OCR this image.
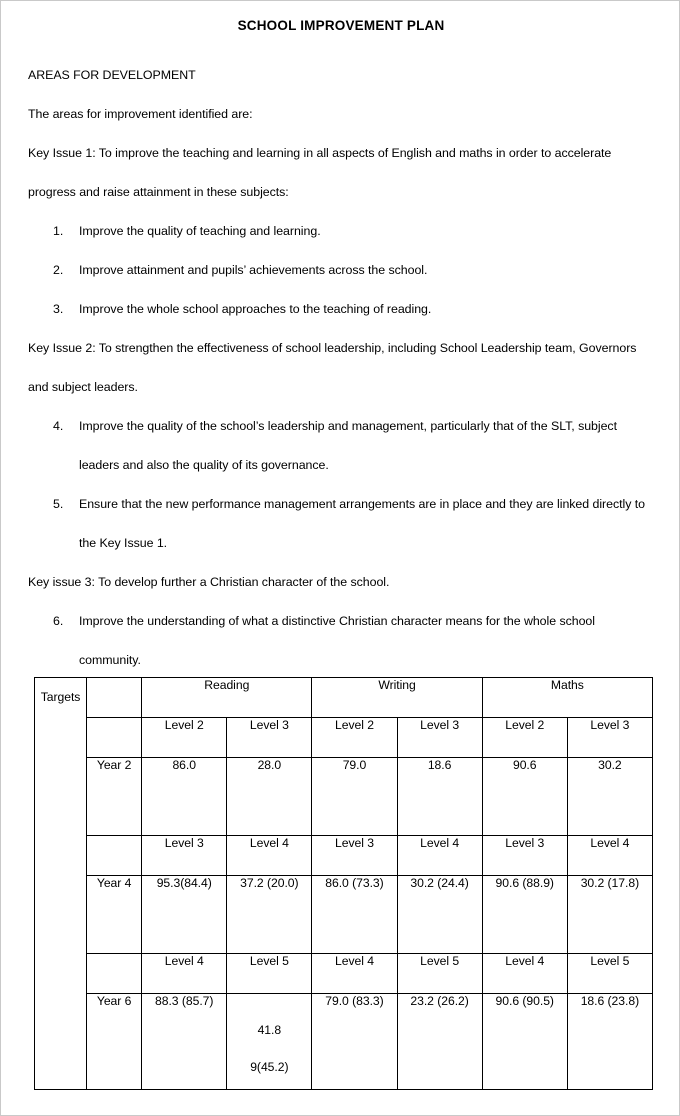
SCHOOL IMPROVEMENT PLAN

AREAS FOR DEVELOPMENT

The areas for improvement identified are:

Key Issue 1: To improve the teaching and learning in all aspects of English and maths in order to accelerate progress and raise attainment in these subjects:

1.	Improve the quality of teaching and learning.
2.	Improve attainment and pupils’ achievements across the school.
3.	Improve the whole school approaches to the teaching of reading.

Key Issue 2: To strengthen the effectiveness of school leadership, including School Leadership team, Governors and subject leaders.

4.	Improve the quality of the school’s leadership and management, particularly that of the SLT, subject leaders and also the quality of its governance.
5.	Ensure that the new performance management arrangements are in place and they are linked directly to the Key Issue 1.

Key issue 3: To develop further a Christian character of the school.

6.	Improve the understanding of what a distinctive Christian character means for the whole school community.
Targets		Reading		Writing		Maths	
		Level 2	Level 3	Level 2	Level 3	Level 2	Level 3
	Year 2	86.0	28.0	79.0	18.6	90.6	30.2
		Level 3	Level 4	Level 3	Level 4	Level 3	Level 4
	Year 4	95.3(84.4)	37.2 (20.0)	86.0 (73.3)	30.2 (24.4)	90.6 (88.9)	30.2 (17.8)
		Level 4	Level 5	Level 4	Level 5	Level 4	Level 5
	Year 6	88.3 (85.7)	41.8
9(45.2)	79.0 (83.3)	23.2 (26.2)	90.6 (90.5)	18.6 (23.8)
